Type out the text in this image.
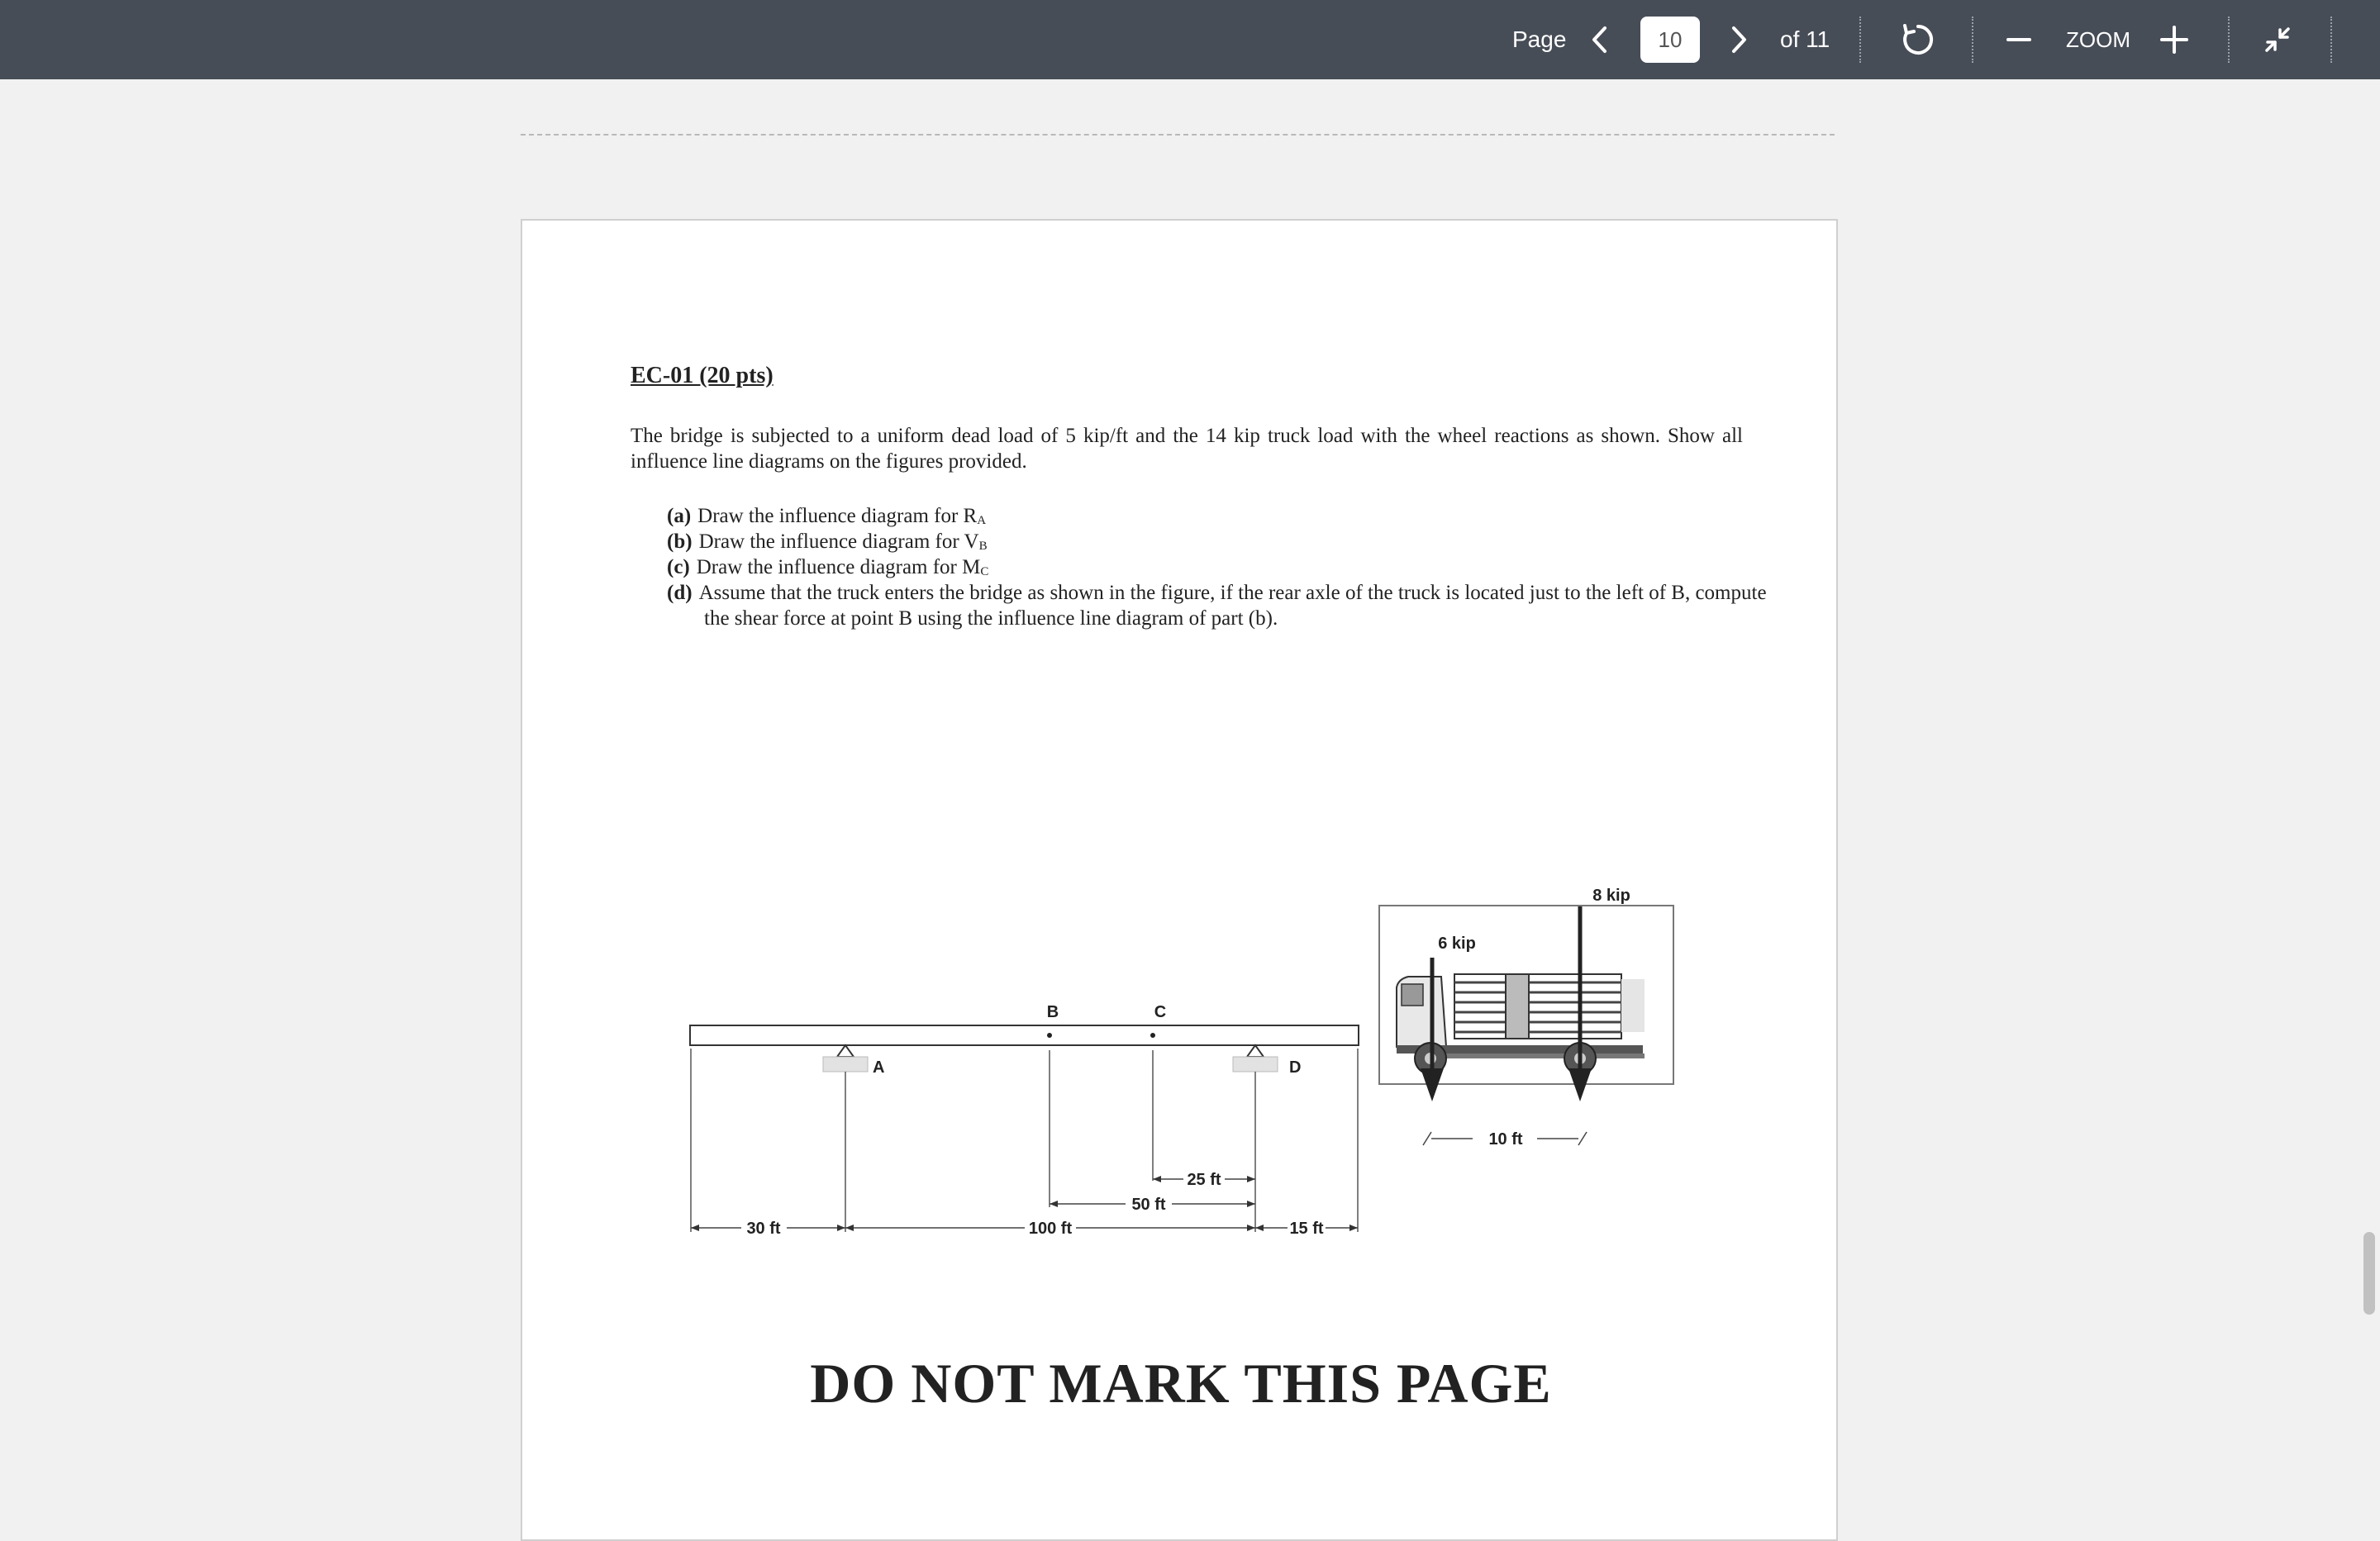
Page
10	of 11	ZOOM
EC-01 (20 pts)
The bridge is subjected to a uniform dead load of 5 kip/ft and the 14 kip truck load with the wheel reactions as shown. Show all influence line diagrams on the figures provided.
(a) Draw the influence diagram for $R_A$
(b) Draw the influence diagram for $V_B$
(c) Draw the influence diagram for $M_C$
(d) Assume that the truck enters the bridge as shown in the figure, if the rear axle of the truck is located just to the left of B, compute the shear force at point B using the influence line diagram of part (b).
B	C
A	D
30 ft	100 ft	15 ft
50 ft
25 ft
10 ft
6 kip
8 kip
DO NOT MARK THIS PAGE
